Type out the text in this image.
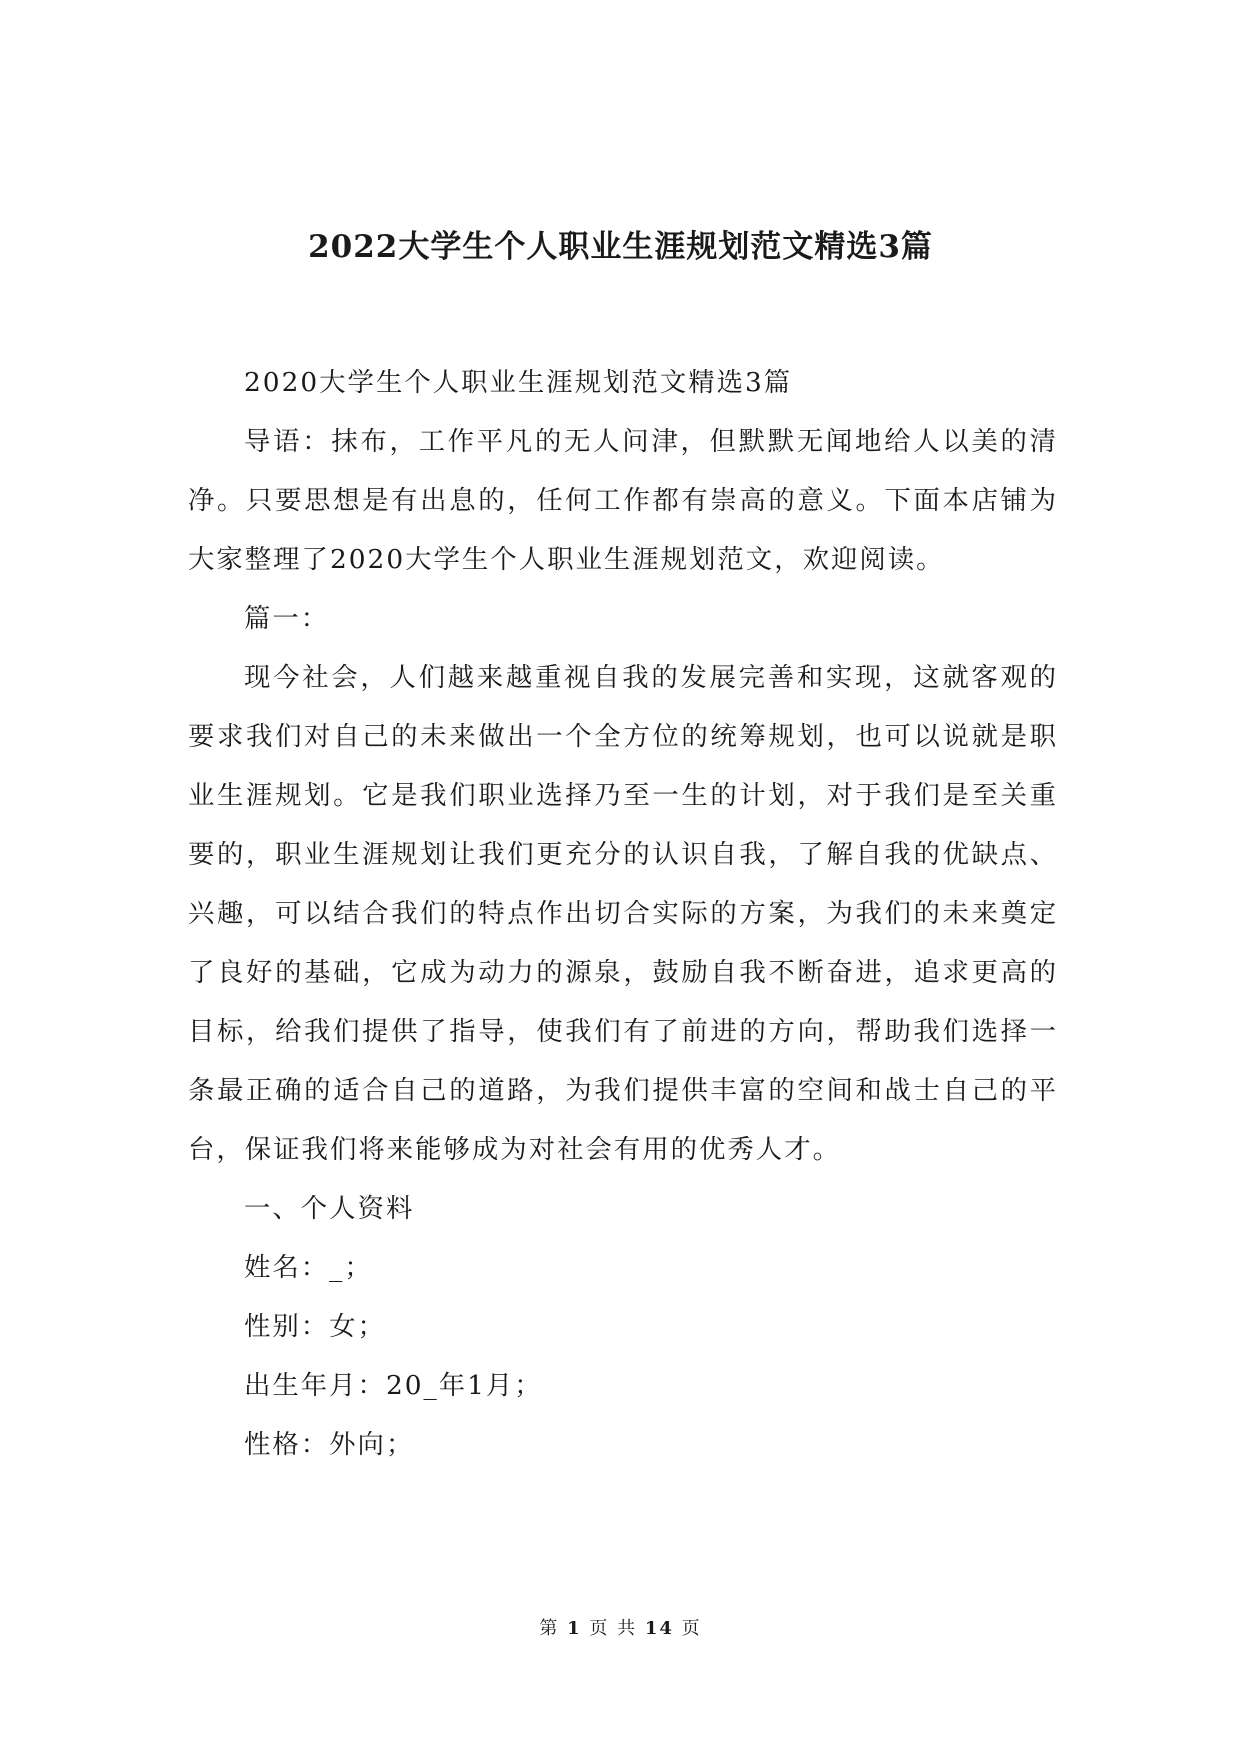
2022大学生个人职业生涯规划范文精选3篇

2020大学生个人职业生涯规划范文精选3篇

导语：抹布，工作平凡的无人问津，但默默无闻地给人以美的清净。只要思想是有出息的，任何工作都有崇高的意义。下面本店铺为大家整理了2020大学生个人职业生涯规划范文，欢迎阅读。

篇一：

现今社会，人们越来越重视自我的发展完善和实现，这就客观的要求我们对自己的未来做出一个全方位的统筹规划，也可以说就是职业生涯规划。它是我们职业选择乃至一生的计划，对于我们是至关重要的，职业生涯规划让我们更充分的认识自我，了解自我的优缺点、兴趣，可以结合我们的特点作出切合实际的方案，为我们的未来奠定了良好的基础，它成为动力的源泉，鼓励自我不断奋进，追求更高的目标，给我们提供了指导，使我们有了前进的方向，帮助我们选择一条最正确的适合自己的道路，为我们提供丰富的空间和战士自己的平台，保证我们将来能够成为对社会有用的优秀人才。

一、个人资料

姓名：_；

性别：女；

出生年月：20_年1月；

性格：外向；

第 1 页 共 14 页
